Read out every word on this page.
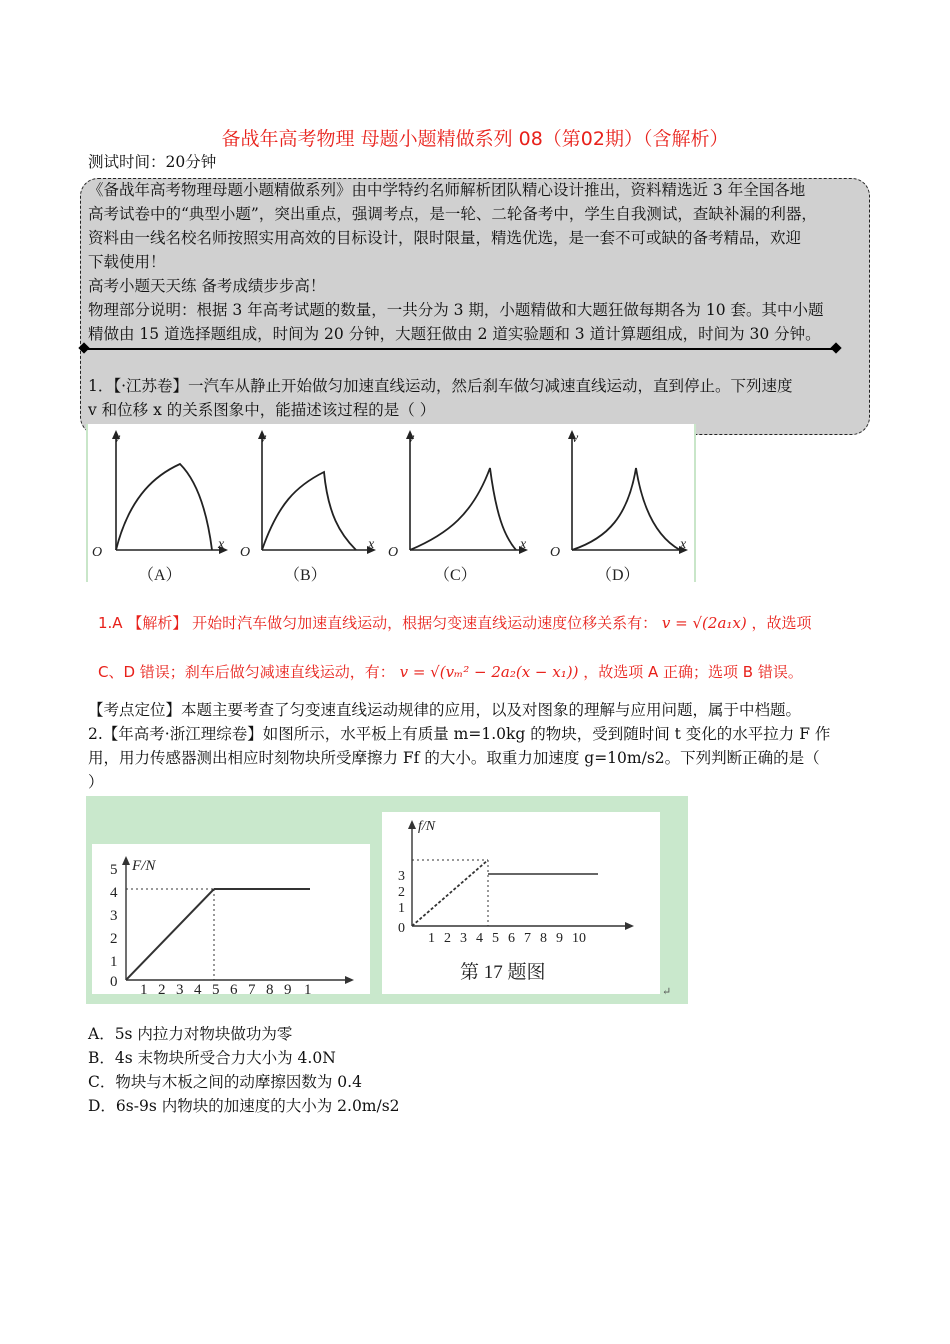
备战年高考物理 母题小题精做系列 08（第02期）（含解析）
测试时间：20分钟
《备战年高考物理母题小题精做系列》由中学特约名师解析团队精心设计推出，资料精选近 3 年全国各地
高考试卷中的“典型小题”，突出重点，强调考点，是一轮、二轮备考中，学生自我测试，查缺补漏的利器，
资料由一线名校名师按照实用高效的目标设计，限时限量，精选优选，是一套不可或缺的备考精品，欢迎
下载使用！
高考小题天天练 备考成绩步步高！
物理部分说明：根据 3 年高考试题的数量，一共分为 3 期，小题精做和大题狂做每期各为 10 套。其中小题
精做由 15 道选择题组成，时间为 20 分钟，大题狂做由 2 道实验题和 3 道计算题组成，时间为 30 分钟。
1．【·江苏卷】一汽车从静止开始做匀加速直线运动，然后刹车做匀减速直线运动，直到停止。下列速度
v 和位移 x 的关系图象中，能描述该过程的是（ ）
v
x
O
（A）
v
x
O
（B）
v
x
O
（C）
v
x
O
（D）
1.A 【解析】 开始时汽车做匀加速直线运动，根据匀变速直线运动速度位移关系有： v = √(2a₁x) ，故选项
C、D 错误；刹车后做匀减速直线运动，有： v = √(vₘ² − 2a₂(x − x₁)) ，故选项 A 正确；选项 B 错误。
【考点定位】本题主要考查了匀变速直线运动规律的应用，以及对图象的理解与应用问题，属于中档题。
2.【年高考·浙江理综卷】如图所示，水平板上有质量 m=1.0kg 的物块，受到随时间 t 变化的水平拉力 F 作
用，用力传感器测出相应时刻物块所受摩擦力 Ff 的大小。取重力加速度 g=10m/s2。下列判断正确的是（
）
F/N
0
1
2
3
4
5
1 2 3 4 5 6 7 8 9 1
f/N
0
1
2
3
1 2 3 4 5 6 7 8 9 10
第 17 题图
↵
A．5s 内拉力对物块做功为零
B．4s 末物块所受合力大小为 4.0N
C．物块与木板之间的动摩擦因数为 0.4
D．6s-9s 内物块的加速度的大小为 2.0m/s2
